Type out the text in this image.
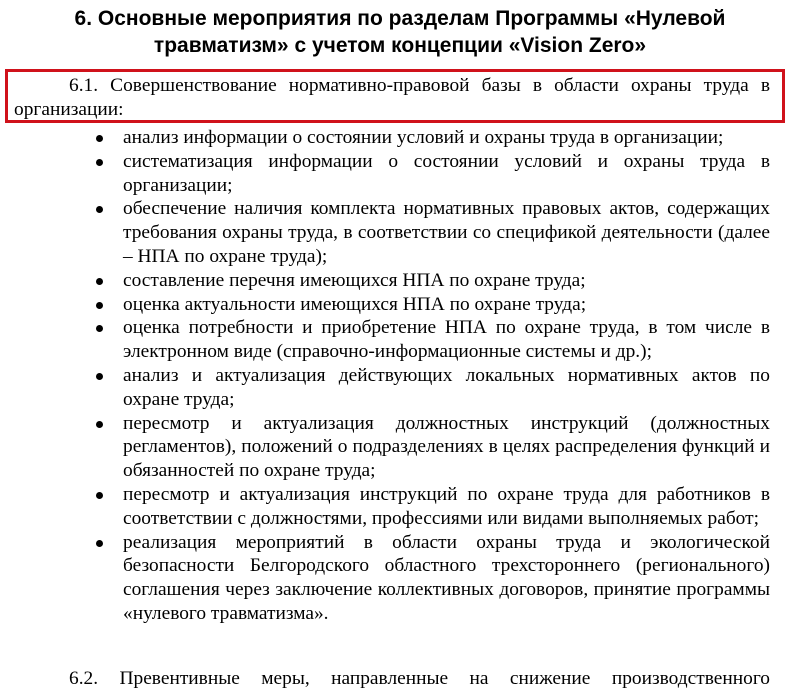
6. Основные мероприятия по разделам Программы «Нулевой
травматизм» с учетом концепции «Vision Zero»

6.1. Совершенствование нормативно-правовой базы в области охраны труда в организации:

анализ информации о состоянии условий и охраны труда в организации;
систематизация информации о состоянии условий и охраны труда в организации;
обеспечение наличия комплекта нормативных правовых актов, содержащих требования охраны труда, в соответствии со спецификой деятельности (далее – НПА по охране труда);
составление перечня имеющихся НПА по охране труда;
оценка актуальности имеющихся НПА по охране труда;
оценка потребности и приобретение НПА по охране труда, в том числе в электронном виде (справочно-информационные системы и др.);
анализ и актуализация действующих локальных нормативных актов по охране труда;
пересмотр и актуализация должностных инструкций (должностных регламентов), положений о подразделениях в целях распределения функций и обязанностей по охране труда;
пересмотр и актуализация инструкций по охране труда для работников в соответствии с должностями, профессиями или видами выполняемых работ;
реализация мероприятий в области охраны труда и экологической безопасности Белгородского областного трехстороннего (регионального) соглашения через заключение коллективных договоров, принятие программы «нулевого травматизма».

6.2. Превентивные меры, направленные на снижение производственного
